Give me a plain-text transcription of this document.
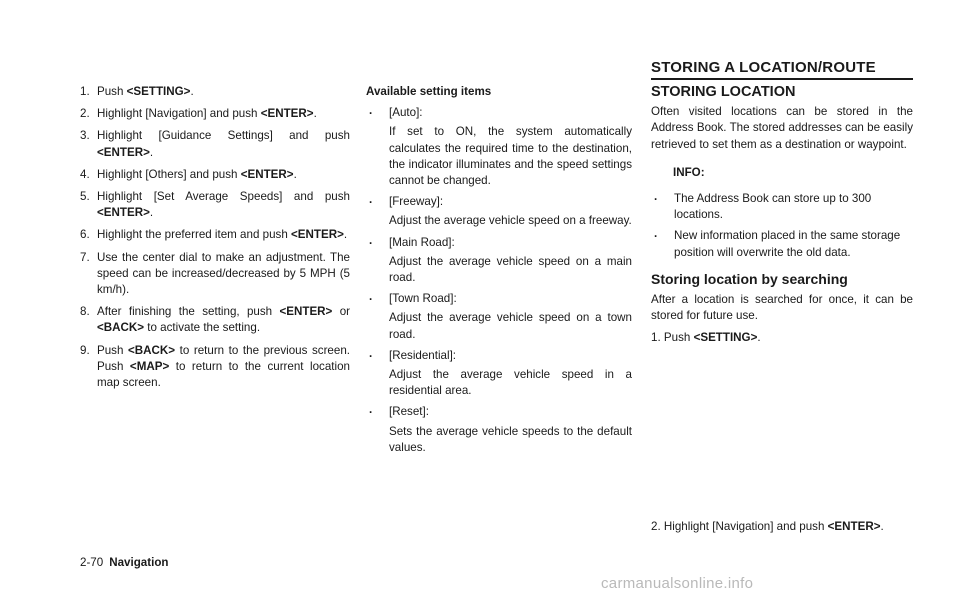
1. Push <SETTING>.
2. Highlight [Navigation] and push <ENTER>.
3. Highlight [Guidance Settings] and push <ENTER>.
4. Highlight [Others] and push <ENTER>.
5. Highlight [Set Average Speeds] and push <ENTER>.
6. Highlight the preferred item and push <ENTER>.
7. Use the center dial to make an adjustment. The speed can be increased/decreased by 5 MPH (5 km/h).
8. After finishing the setting, push <ENTER> or <BACK> to activate the setting.
9. Push <BACK> to return to the previous screen. Push <MAP> to return to the current location map screen.
Available setting items
. [Auto]:
If set to ON, the system automatically calculates the required time to the destination, the indicator illuminates and the speed settings cannot be changed.
. [Freeway]:
Adjust the average vehicle speed on a freeway.
. [Main Road]:
Adjust the average vehicle speed on a main road.
. [Town Road]:
Adjust the average vehicle speed on a town road.
. [Residential]:
Adjust the average vehicle speed in a residential area.
. [Reset]:
Sets the average vehicle speeds to the default values.
STORING A LOCATION/ROUTE
STORING LOCATION

Often visited locations can be stored in the Address Book. The stored addresses can be easily retrieved to set them as a destination or waypoint.

INFO:
. The Address Book can store up to 300 locations.
. New information placed in the same storage position will overwrite the old data.
Storing location by searching

After a location is searched for once, it can be stored for future use.

1. Push <SETTING>.
2. Highlight [Navigation] and push <ENTER>.
2-70 Navigation
carmanualsonline.info
